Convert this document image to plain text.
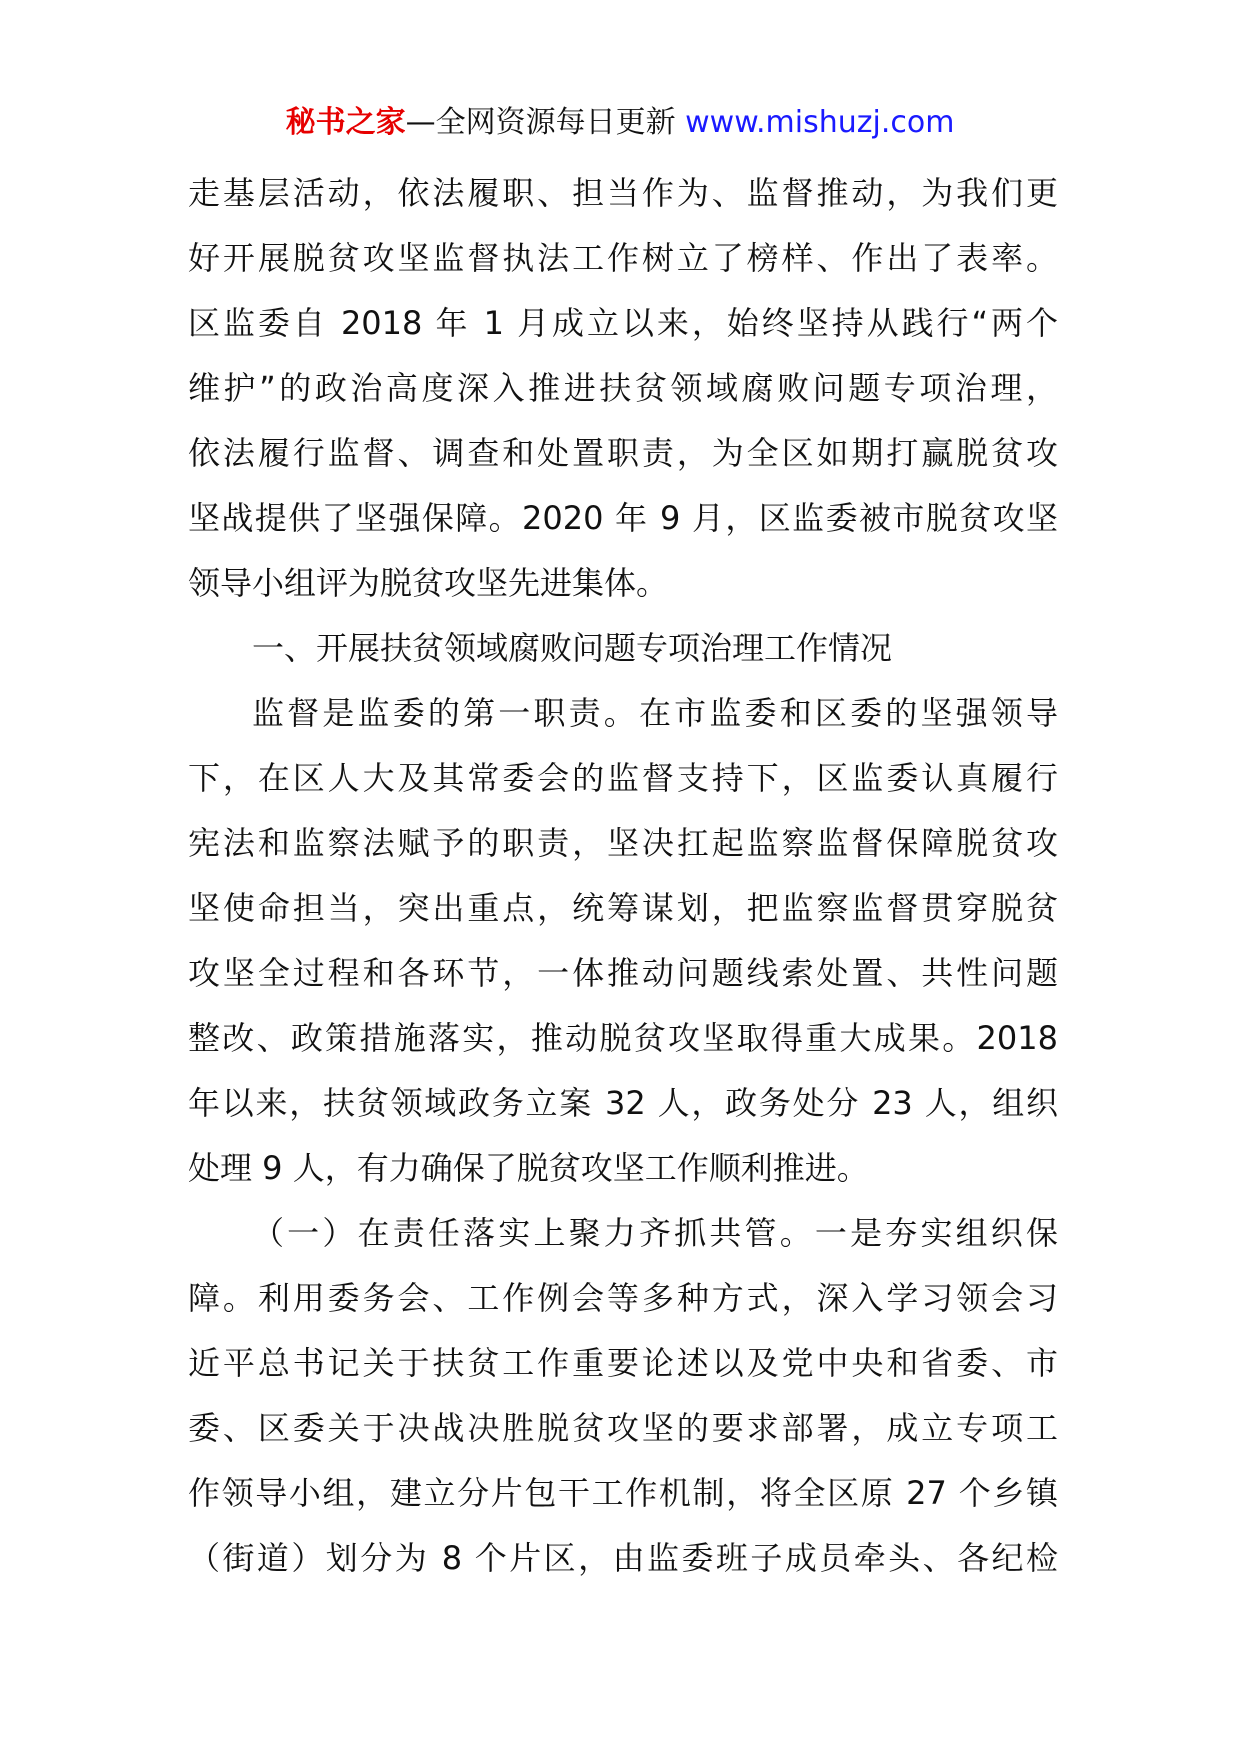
秘书之家—全网资源每日更新 www.mishuzj.com
走基层活动，依法履职、担当作为、监督推动，为我们更
好开展脱贫攻坚监督执法工作树立了榜样、作出了表率。
区监委自 2018 年 1 月成立以来，始终坚持从践行“两个
维护”的政治高度深入推进扶贫领域腐败问题专项治理，
依法履行监督、调查和处置职责，为全区如期打赢脱贫攻
坚战提供了坚强保障。2020 年 9 月，区监委被市脱贫攻坚
领导小组评为脱贫攻坚先进集体。
一、开展扶贫领域腐败问题专项治理工作情况
监督是监委的第一职责。在市监委和区委的坚强领导
下，在区人大及其常委会的监督支持下，区监委认真履行
宪法和监察法赋予的职责，坚决扛起监察监督保障脱贫攻
坚使命担当，突出重点，统筹谋划，把监察监督贯穿脱贫
攻坚全过程和各环节，一体推动问题线索处置、共性问题
整改、政策措施落实，推动脱贫攻坚取得重大成果。2018
年以来，扶贫领域政务立案 32 人，政务处分 23 人，组织
处理 9 人，有力确保了脱贫攻坚工作顺利推进。
（一）在责任落实上聚力齐抓共管。一是夯实组织保
障。利用委务会、工作例会等多种方式，深入学习领会习
近平总书记关于扶贫工作重要论述以及党中央和省委、市
委、区委关于决战决胜脱贫攻坚的要求部署，成立专项工
作领导小组，建立分片包干工作机制，将全区原 27 个乡镇
（街道）划分为 8 个片区，由监委班子成员牵头、各纪检
